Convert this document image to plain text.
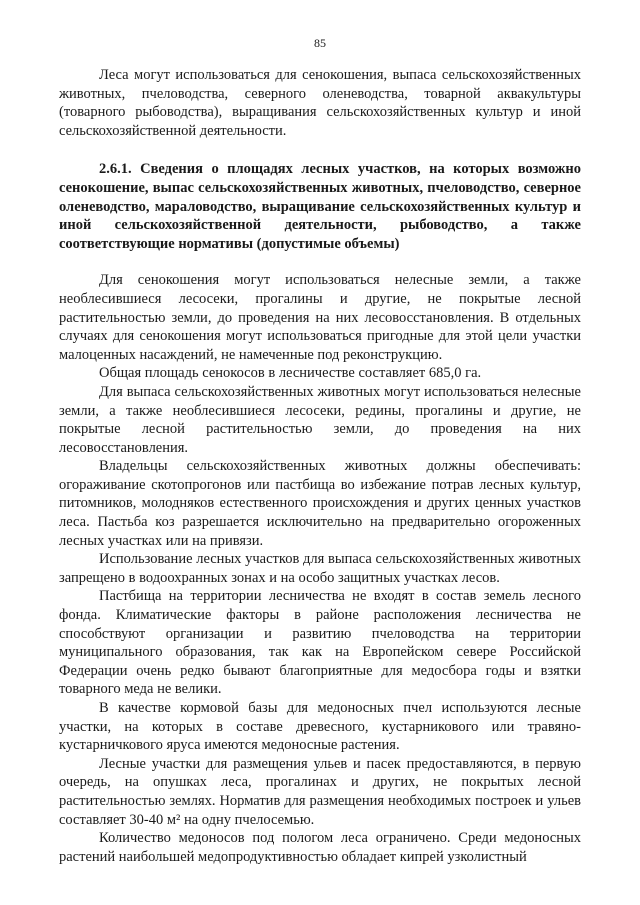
85

Леса могут использоваться для сенокошения, выпаса сельскохозяйственных животных, пчеловодства, северного оленеводства, товарной аквакультуры (товарного рыбоводства), выращивания сельскохозяйственных культур и иной сельскохозяйственной деятельности.

2.6.1. Сведения о площадях лесных участков, на которых возможно сенокошение, выпас сельскохозяйственных животных, пчеловодство, северное оленеводство, мараловодство, выращивание сельскохозяйственных культур и иной сельскохозяйственной деятельности, рыбоводство, а также соответствующие нормативы (допустимые объемы)

Для сенокошения могут использоваться нелесные земли, а также необлесившиеся лесосеки, прогалины и другие, не покрытые лесной растительностью земли, до проведения на них лесовосстановления. В отдельных случаях для сенокошения могут использоваться пригодные для этой цели участки малоценных насаждений, не намеченные под реконструкцию.

Общая площадь сенокосов в лесничестве составляет 685,0 га.

Для выпаса сельскохозяйственных животных могут использоваться нелесные земли, а также необлесившиеся лесосеки, редины, прогалины и другие, не покрытые лесной растительностью земли, до проведения на них лесовосстановления.

Владельцы сельскохозяйственных животных должны обеспечивать: огораживание скотопрогонов или пастбища во избежание потрав лесных культур, питомников, молодняков естественного происхождения и других ценных участков леса. Пастьба коз разрешается исключительно на предварительно огороженных лесных участках или на привязи.

Использование лесных участков для выпаса сельскохозяйственных животных запрещено в водоохранных зонах и на особо защитных участках лесов.

Пастбища на территории лесничества не входят в состав земель лесного фонда. Климатические факторы в районе расположения лесничества не способствуют организации и развитию пчеловодства на территории муниципального образования, так как на Европейском севере Российской Федерации очень редко бывают благоприятные для медосбора годы и взятки товарного меда не велики.

В качестве кормовой базы для медоносных пчел используются лесные участки, на которых в составе древесного, кустарникового или травяно-кустарничкового яруса имеются медоносные растения.

Лесные участки для размещения ульев и пасек предоставляются, в первую очередь, на опушках леса, прогалинах и других, не покрытых лесной растительностью землях. Норматив для размещения необходимых построек и ульев составляет 30-40 м² на одну пчелосемью.

Количество медоносов под пологом леса ограничено. Среди медоносных растений наибольшей медопродуктивностью обладает кипрей узколистный
